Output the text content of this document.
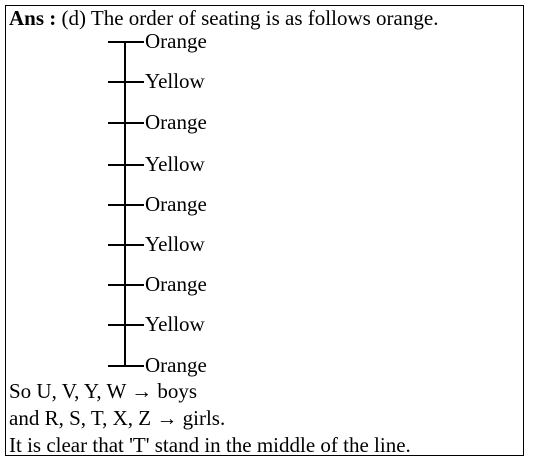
Ans : (d) The order of seating is as follows orange.
Orange
Yellow
Orange
Yellow
Orange
Yellow
Orange
Yellow
Orange
So U, V, Y, W → boys
and R, S, T, X, Z → girls.
It is clear that 'T' stand in the middle of the line.
